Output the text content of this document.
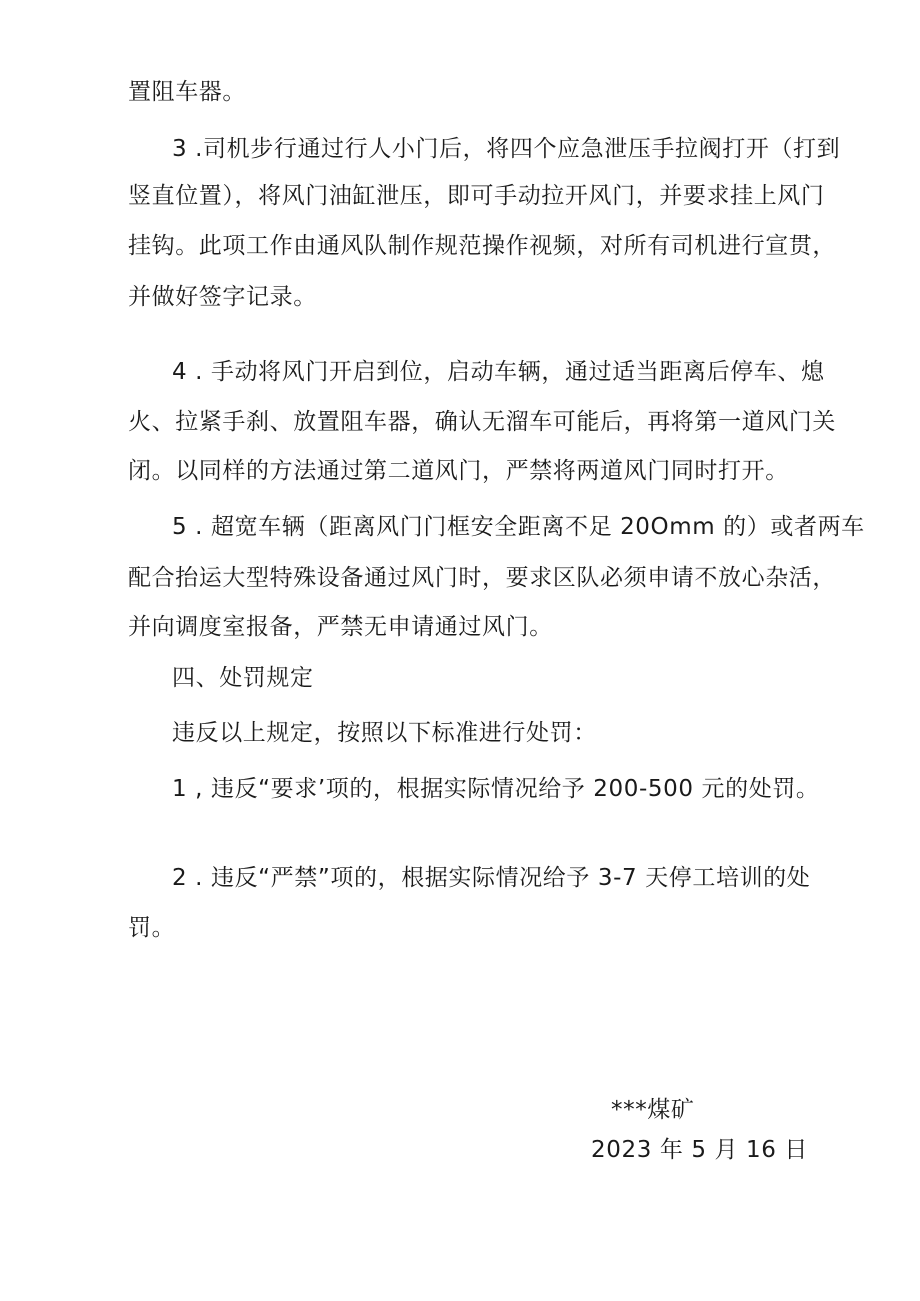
置阻车器。
3 .司机步行通过行人小门后，将四个应急泄压手拉阀打开（打到
竖直位置），将风门油缸泄压，即可手动拉开风门，并要求挂上风门
挂钩。此项工作由通风队制作规范操作视频，对所有司机进行宣贯，
并做好签字记录。
4 . 手动将风门开启到位，启动车辆，通过适当距离后停车、熄
火、拉紧手刹、放置阻车器，确认无溜车可能后，再将第一道风门关
闭。以同样的方法通过第二道风门，严禁将两道风门同时打开。
5 . 超宽车辆（距离风门门框安全距离不足 20Omm 的）或者两车
配合抬运大型特殊设备通过风门时，要求区队必须申请不放心杂活，
并向调度室报备，严禁无申请通过风门。
四、处罚规定
违反以上规定，按照以下标准进行处罚：
1 , 违反“要求’项的，根据实际情况给予 200-500 元的处罚。
2 . 违反“严禁”项的，根据实际情况给予 3-7 天停工培训的处
罚。
***煤矿
2023 年 5 月 16 日
